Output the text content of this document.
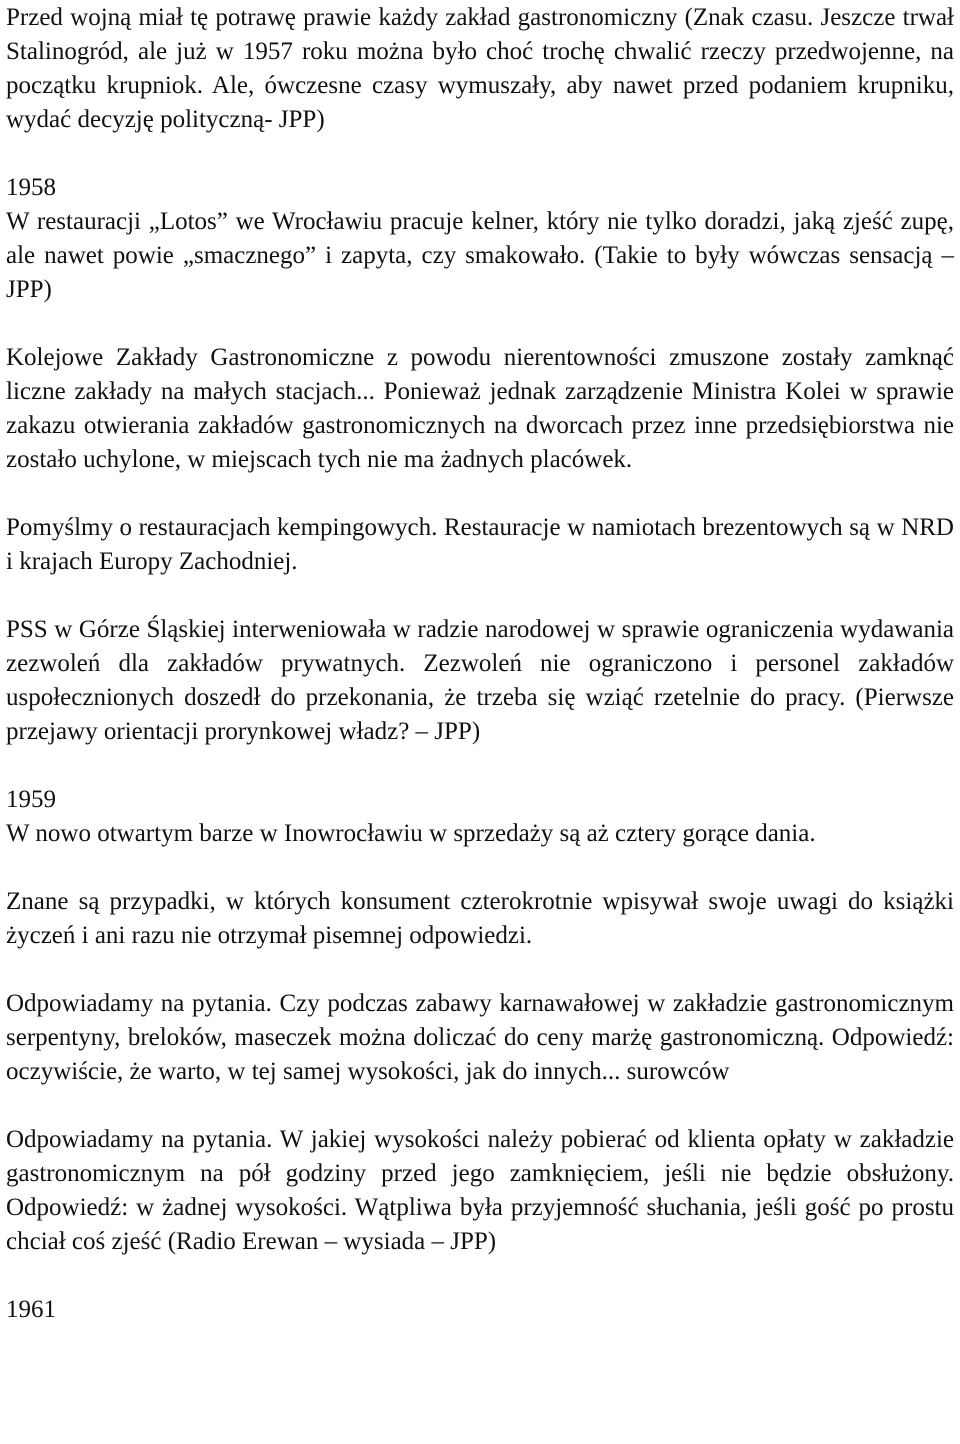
Przed wojną miał tę potrawę prawie każdy zakład gastronomiczny (Znak czasu. Jeszcze trwał Stalinogród, ale już w 1957 roku można było choć trochę chwalić rzeczy przedwojenne, na początku krupniok. Ale, ówczesne czasy wymuszały, aby nawet przed podaniem krupniku, wydać decyzję polityczną- JPP)

1958

W restauracji „Lotos” we Wrocławiu pracuje kelner, który nie tylko doradzi, jaką zjeść zupę, ale nawet powie „smacznego” i zapyta, czy smakowało. (Takie to były wówczas sensacją – JPP)

Kolejowe Zakłady Gastronomiczne z powodu nierentowności zmuszone zostały zamknąć liczne zakłady na małych stacjach... Ponieważ jednak zarządzenie Ministra Kolei w sprawie zakazu otwierania zakładów gastronomicznych na dworcach przez inne przedsiębiorstwa nie zostało uchylone, w miejscach tych nie ma żadnych placówek.

Pomyślmy o restauracjach kempingowych. Restauracje w namiotach brezentowych są w NRD i krajach Europy Zachodniej.

PSS w Górze Śląskiej interweniowała w radzie narodowej w sprawie ograniczenia wydawania zezwoleń dla zakładów prywatnych. Zezwoleń nie ograniczono i personel zakładów uspołecznionych doszedł do przekonania, że trzeba się wziąć rzetelnie do pracy. (Pierwsze przejawy orientacji prorynkowej władz? – JPP)

1959

W nowo otwartym barze w Inowrocławiu w sprzedaży są aż cztery gorące dania.

Znane są przypadki, w których konsument czterokrotnie wpisywał swoje uwagi do książki życzeń i ani razu nie otrzymał pisemnej odpowiedzi.

Odpowiadamy na pytania. Czy podczas zabawy karnawałowej w zakładzie gastronomicznym serpentyny, breloków, maseczek można doliczać do ceny marżę gastronomiczną. Odpowiedź: oczywiście, że warto, w tej samej wysokości, jak do innych... surowców

Odpowiadamy na pytania. W jakiej wysokości należy pobierać od klienta opłaty w zakładzie gastronomicznym na pół godziny przed jego zamknięciem, jeśli nie będzie obsłużony. Odpowiedź: w żadnej wysokości. Wątpliwa była przyjemność słuchania, jeśli gość po prostu chciał coś zjeść (Radio Erewan – wysiada – JPP)

1961
